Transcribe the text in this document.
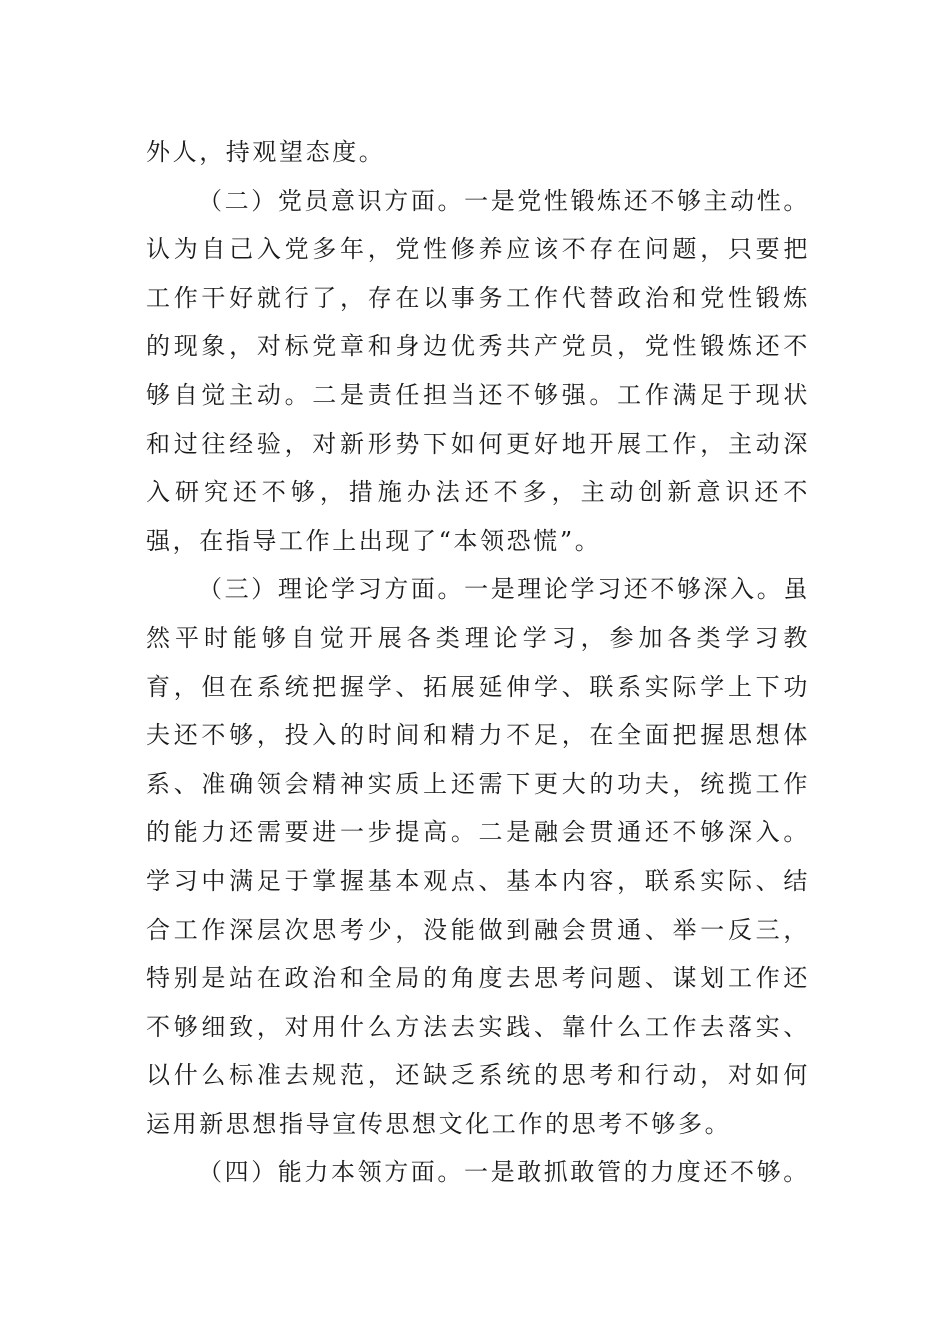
外人，持观望态度。

（二）党员意识方面。一是党性锻炼还不够主动性。认为自己入党多年，党性修养应该不存在问题，只要把工作干好就行了，存在以事务工作代替政治和党性锻炼的现象，对标党章和身边优秀共产党员，党性锻炼还不够自觉主动。二是责任担当还不够强。工作满足于现状和过往经验，对新形势下如何更好地开展工作，主动深入研究还不够，措施办法还不多，主动创新意识还不强，在指导工作上出现了“本领恐慌”。

（三）理论学习方面。一是理论学习还不够深入。虽然平时能够自觉开展各类理论学习，参加各类学习教育，但在系统把握学、拓展延伸学、联系实际学上下功夫还不够，投入的时间和精力不足，在全面把握思想体系、准确领会精神实质上还需下更大的功夫，统揽工作的能力还需要进一步提高。二是融会贯通还不够深入。学习中满足于掌握基本观点、基本内容，联系实际、结合工作深层次思考少，没能做到融会贯通、举一反三，特别是站在政治和全局的角度去思考问题、谋划工作还不够细致，对用什么方法去实践、靠什么工作去落实、以什么标准去规范，还缺乏系统的思考和行动，对如何运用新思想指导宣传思想文化工作的思考不够多。

（四）能力本领方面。一是敢抓敢管的力度还不够。
